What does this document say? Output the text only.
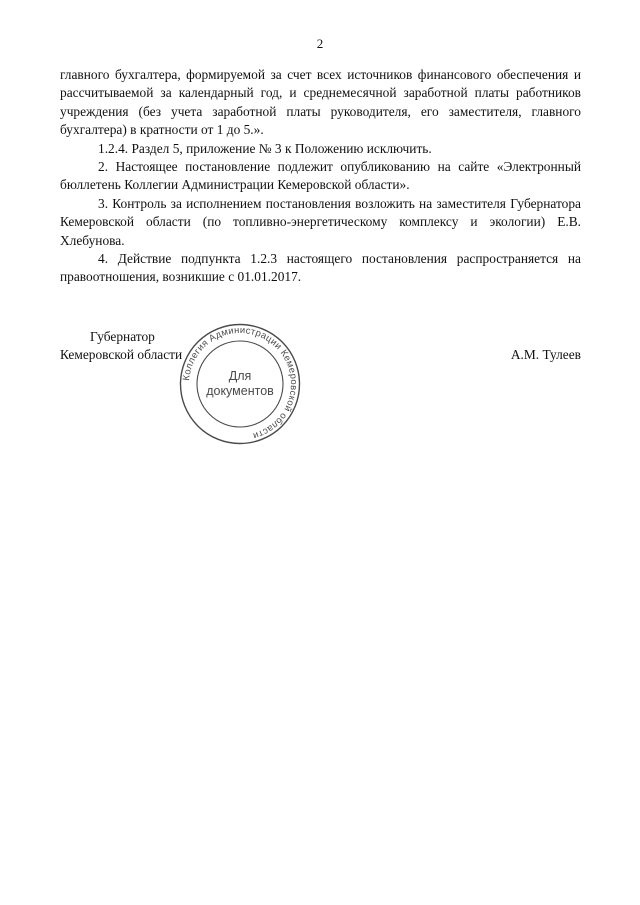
2

главного бухгалтера, формируемой за счет всех источников финансового обеспечения и рассчитываемой за календарный год, и среднемесячной заработной платы работников учреждения (без учета заработной платы руководителя, его заместителя, главного бухгалтера) в кратности от 1 до 5.».

1.2.4. Раздел 5, приложение № 3 к Положению исключить.

2. Настоящее постановление подлежит опубликованию на сайте «Электронный бюллетень Коллегии Администрации Кемеровской области».

3. Контроль за исполнением постановления возложить на заместителя Губернатора Кемеровской области (по топливно-энергетическому комплексу и экологии) Е.В. Хлебунова.

4. Действие подпункта 1.2.3 настоящего постановления распространяется на правоотношения, возникшие с 01.01.2017.

Губернатор
Кемеровской области	А.М. Тулеев
Коллегия Администрации Кемеровской области
Для
документов
